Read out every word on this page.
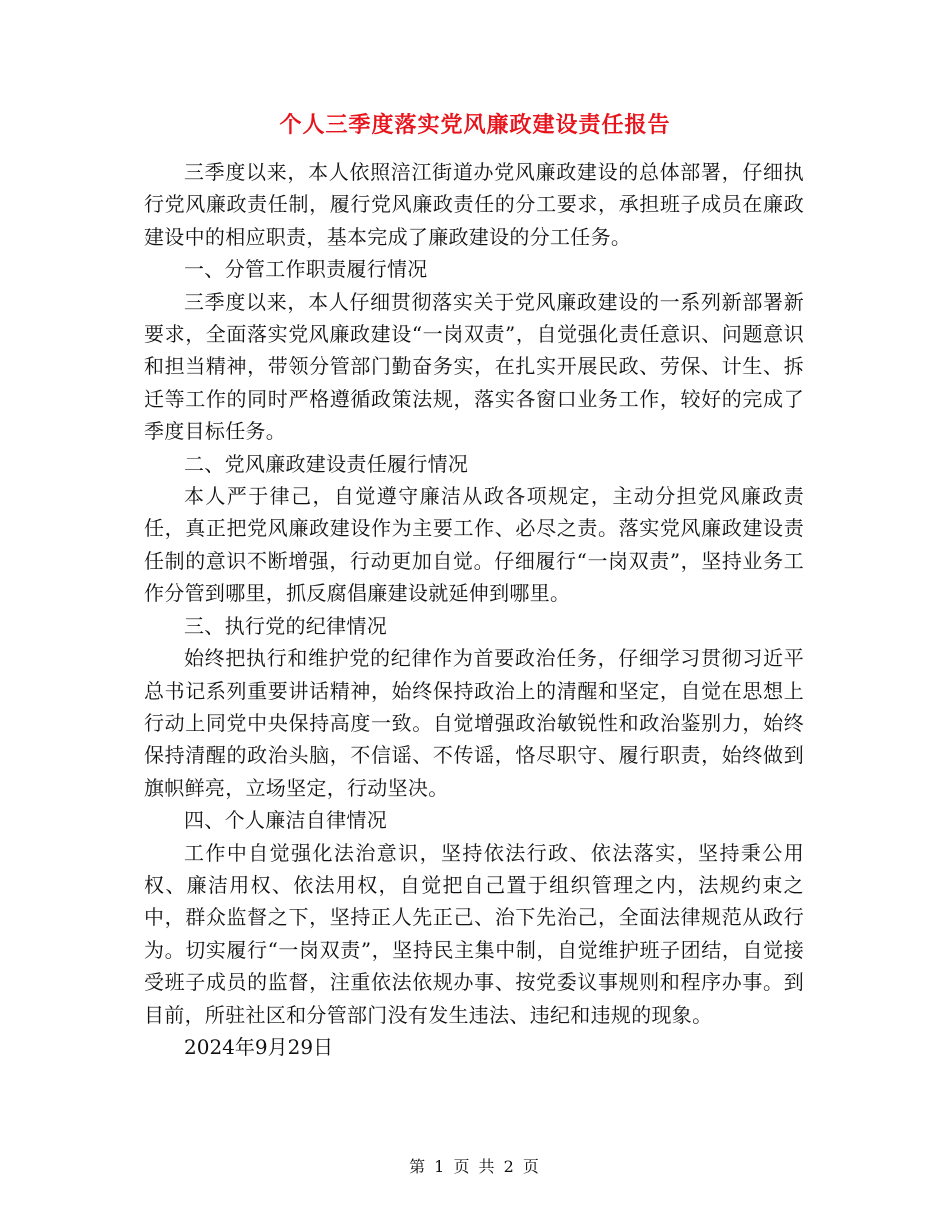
个人三季度落实党风廉政建设责任报告

三季度以来，本人依照涪江街道办党风廉政建设的总体部署，仔细执行党风廉政责任制，履行党风廉政责任的分工要求，承担班子成员在廉政建设中的相应职责，基本完成了廉政建设的分工任务。

一、分管工作职责履行情况

三季度以来，本人仔细贯彻落实关于党风廉政建设的一系列新部署新要求，全面落实党风廉政建设“一岗双责”，自觉强化责任意识、问题意识和担当精神，带领分管部门勤奋务实，在扎实开展民政、劳保、计生、拆迁等工作的同时严格遵循政策法规，落实各窗口业务工作，较好的完成了季度目标任务。

二、党风廉政建设责任履行情况

本人严于律己，自觉遵守廉洁从政各项规定，主动分担党风廉政责任，真正把党风廉政建设作为主要工作、必尽之责。落实党风廉政建设责任制的意识不断增强，行动更加自觉。仔细履行“一岗双责”，坚持业务工作分管到哪里，抓反腐倡廉建设就延伸到哪里。

三、执行党的纪律情况

始终把执行和维护党的纪律作为首要政治任务，仔细学习贯彻习近平总书记系列重要讲话精神，始终保持政治上的清醒和坚定，自觉在思想上行动上同党中央保持高度一致。自觉增强政治敏锐性和政治鉴别力，始终保持清醒的政治头脑，不信谣、不传谣，恪尽职守、履行职责，始终做到旗帜鲜亮，立场坚定，行动坚决。

四、个人廉洁自律情况

工作中自觉强化法治意识，坚持依法行政、依法落实，坚持秉公用权、廉洁用权、依法用权，自觉把自己置于组织管理之内，法规约束之中，群众监督之下，坚持正人先正己、治下先治己，全面法律规范从政行为。切实履行“一岗双责”，坚持民主集中制，自觉维护班子团结，自觉接受班子成员的监督，注重依法依规办事、按党委议事规则和程序办事。到目前，所驻社区和分管部门没有发生违法、违纪和违规的现象。

2024年9月29日

第 1 页 共 2 页
